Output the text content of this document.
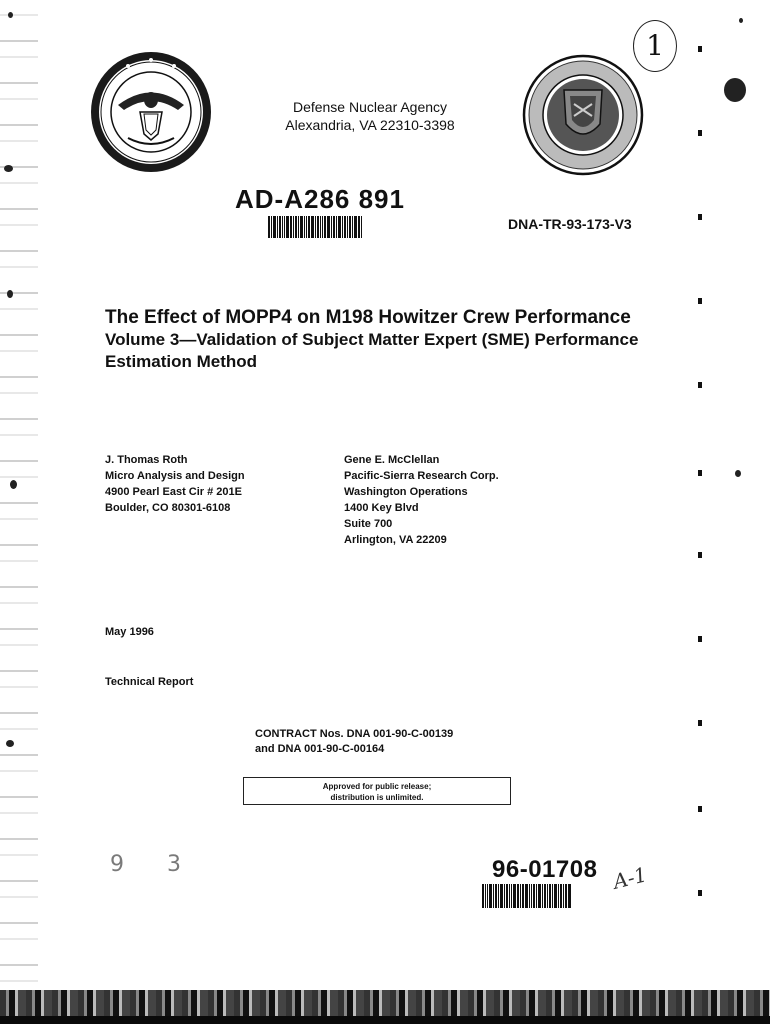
Defense Nuclear Agency
Alexandria, VA 22310-3398
1
AD-A286 891
DNA-TR-93-173-V3
The Effect of MOPP4 on M198 Howitzer Crew Performance
Volume 3—Validation of Subject Matter Expert (SME) Performance Estimation Method
J. Thomas Roth
Micro Analysis and Design
4900 Pearl East Cir # 201E
Boulder, CO 80301-6108
Gene E. McClellan
Pacific-Sierra Research Corp.
Washington Operations
1400 Key Blvd
Suite 700
Arlington, VA 22209
May 1996
Technical Report
CONTRACT Nos. DNA 001-90-C-00139
and DNA 001-90-C-00164
Approved for public release;
distribution is unlimited.
9 3	96-01708 A-1
